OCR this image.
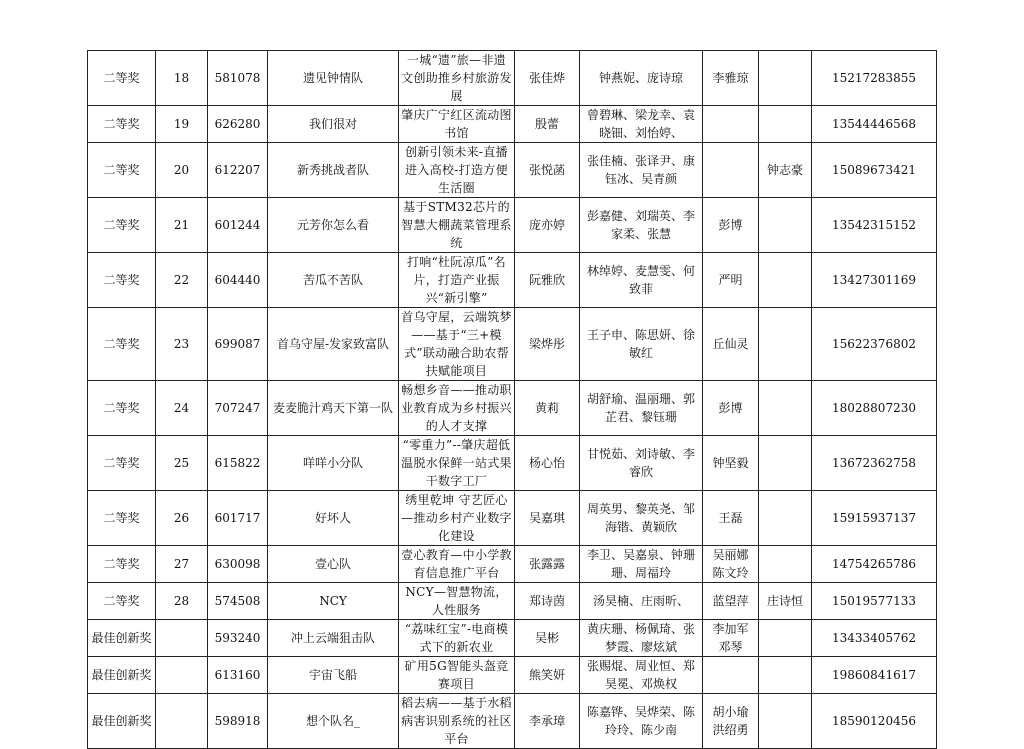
二等奖	18	581078	遗见钟情队	一城“遗”旅—非遗文创助推乡村旅游发展	张佳烨	钟燕妮、庞诗琼	李雅琼		15217283855
二等奖	19	626280	我们很对	肇庆广宁红区流动图书馆	殷蕾	曾碧琳、梁龙幸、袁晓钿、刘怡婷、			13544446568
二等奖	20	612207	新秀挑战者队	创新引领未来-直播进入高校-打造方便生活圈	张悦菡	张佳楠、张译尹、康钰冰、吴青颜		钟志豪	15089673421
二等奖	21	601244	元芳你怎么看	基于STM32芯片的智慧大棚蔬菜管理系统	庞亦婷	彭嘉健、刘瑞英、李家柔、张慧	彭博		13542315152
二等奖	22	604440	苦瓜不苦队	打响“杜阮凉瓜”名片，打造产业振兴“新引擎”	阮雅欣	林绰婷、麦慧雯、何致菲	严明		13427301169
二等奖	23	699087	首乌守屋-发家致富队	首乌守屋，云端筑梦——基于“三+模式”联动融合助农帮扶赋能项目	梁烨彤	王子申、陈思妍、徐敏红	丘仙灵		15622376802
二等奖	24	707247	麦麦脆汁鸡天下第一队	畅想乡音——推动职业教育成为乡村振兴的人才支撑	黄莉	胡舒瑜、温丽珊、郭芷君、黎钰珊	彭博		18028807230
二等奖	25	615822	咩咩小分队	“零重力”--肇庆超低温脱水保鲜一站式果干数字工厂	杨心怡	甘悦茹、刘诗敏、李睿欣	钟坚毅		13672362758
二等奖	26	601717	好坏人	绣里乾坤 守艺匠心—推动乡村产业数字化建设	吴嘉琪	周英男、黎英尧、邹海锴、黄颖欣	王磊		15915937137
二等奖	27	630098	壹心队	壹心教育—中小学教育信息推广平台	张露露	李卫、吴嘉泉、钟珊珊、周福玲	吴丽娜 陈文玲		14754265786
二等奖	28	574508	NCY	NCY—智慧物流，人性服务	郑诗茵	汤昊楠、庄雨昕、	蓝望萍	庄诗恒	15019577133
最佳创新奖		593240	冲上云端狙击队	“荔味红宝”-电商模式下的新农业	吴彬	黄庆珊、杨佩琦、张梦霞、廖炫斌	李加军 邓琴		13433405762
最佳创新奖		613160	宇宙飞船	矿用5G智能头盔竞赛项目	熊笑妍	张赐焜、周业恒、郑昊冕、邓焕权			19860841617
最佳创新奖		598918	想个队名_	稻去病——基于水稻病害识别系统的社区平台	李承璋	陈嘉铧、吴烨荣、陈玲玲、陈少南	胡小瑜 洪绍勇		18590120456
